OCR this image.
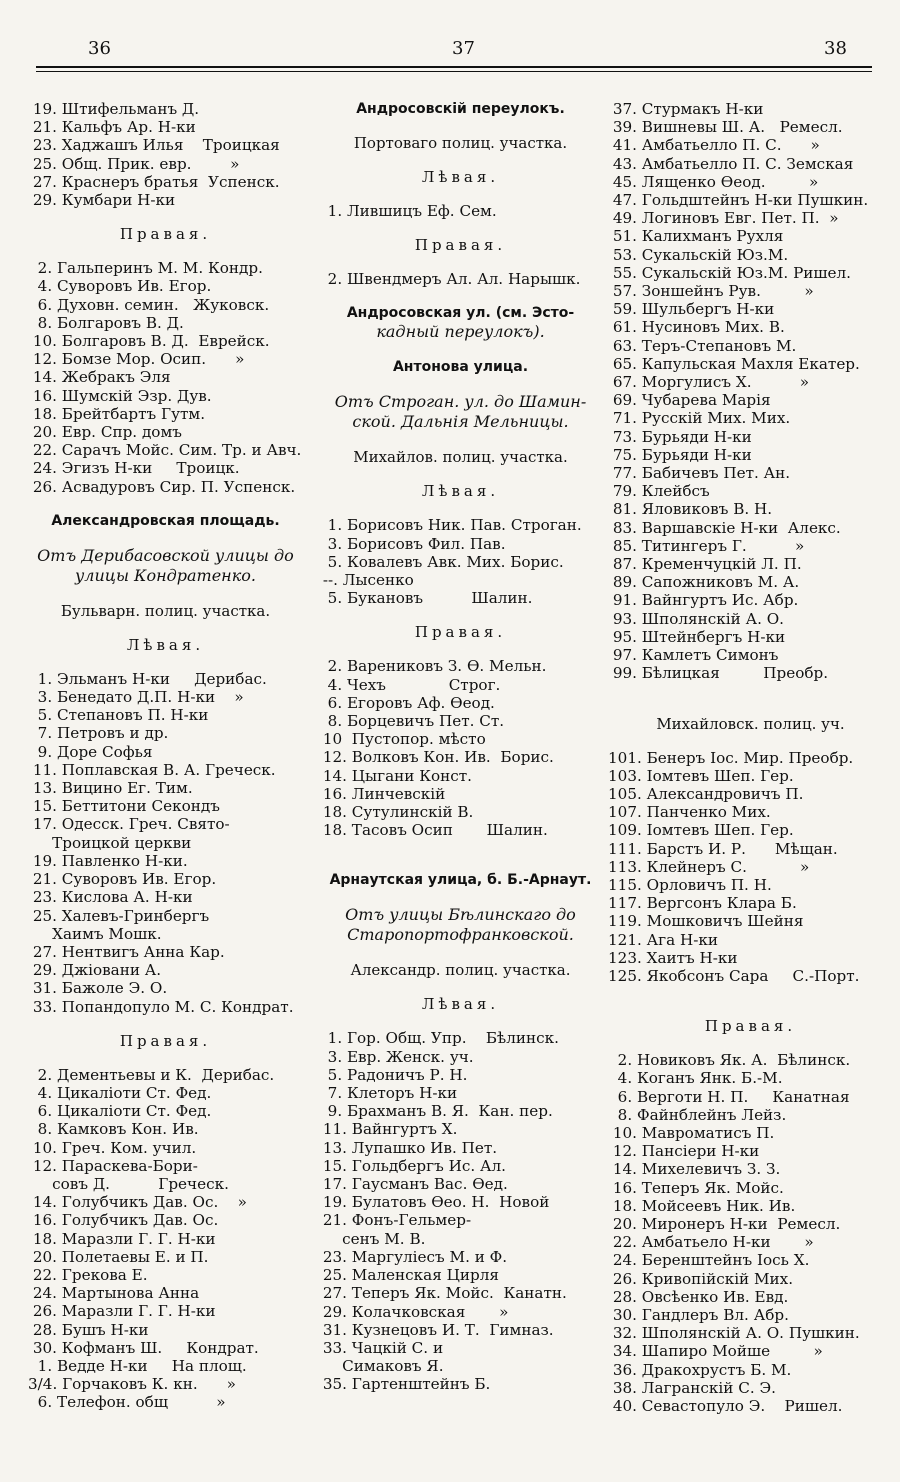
36	37	38
19. Штифельманъ Д.
21. Кальфъ Ар. Н-ки
23. Хаджашъ Илья    Троицкая
25. Общ. Прик. евр.        »
27. Краснеръ братья  Успенск.
29. Кумбари Н-ки
Правая.
2. Гальперинъ М. М. Кондр.
4. Суворовъ Ив. Егор.
6. Духовн. семин.   Жуковск.
8. Болгаровъ В. Д.
10. Болгаровъ В. Д.  Еврейск.
12. Бомзе Мор. Осип.      »
14. Жебракъ Эля
16. Шумскій Эзр. Дув.
18. Брейтбартъ Гутм.
20. Евр. Спр. домъ
22. Сарачъ Мойс. Сим. Тр. и Авч.
24. Эгизъ Н-ки     Троицк.
26. Асвадуровъ Сир. П. Успенск.
Александровская площадь.
Отъ Дерибасовской улицы до
улицы Кондратенко.
Бульварн. полиц. участка.
Лѣвая.
1. Эльманъ Н-ки     Дерибас.
3. Бенедато Д.П. Н-ки    »
5. Степановъ П. Н-ки
7. Петровъ и др.
9. Доре Софья
11. Поплавская В. А. Греческ.
13. Вицино Ег. Тим.
15. Беттитони Секондъ
17. Одесск. Греч. Свято-
Троицкой церкви
19. Павленко Н-ки.
21. Суворовъ Ив. Егор.
23. Кислова А. Н-ки
25. Халевъ-Гринбергъ
Хаимъ Мошк.
27. Нентвигъ Анна Кар.
29. Джіовани А.
31. Бажоле Э. О.
33. Попандопуло М. С. Кондрат.
Правая.
2. Дементьевы и К.  Дерибас.
4. Цикалioти Ст. Фед.
6. Цикалioти Ст. Фед.
8. Камковъ Кон. Ив.
10. Греч. Ком. учил.
12. Параскева-Бори-
совъ Д.          Греческ.
14. Голубчикъ Дав. Ос.    »
16. Голубчикъ Дав. Ос.
18. Маразли Г. Г. Н-ки
20. Полетаевы Е. и П.
22. Грекова Е.
24. Мартынова Анна
26. Маразли Г. Г. Н-ки
28. Бушъ Н-ки
30. Кофманъ Ш.     Кондрат.
1. Ведде Н-ки     На площ.
3/4. Горчаковъ К. кн.      »
6. Телефон. общ          »
Андросовскій переулокъ.
Портоваго полиц. участка.
Лѣвая.
1. Лившицъ Еф. Сем.
Правая.
2. Швендмеръ Ал. Ал. Нарышк.
Андросовская ул. (см. Эсто-
кадный переулокъ).
Антонова улица.
Отъ Строган. ул. до Шамин-
ской. Дальнія Мельницы.
Михайлов. полиц. участка.
Лѣвая.
1. Борисовъ Ник. Пав. Строган.
3. Борисовъ Фил. Пав.
5. Ковалевъ Авк. Мих. Борис.
--. Лысенко
5. Букановъ          Шалин.
Правая.
2. Варениковъ З. Ѳ. Мельн.
4. Чехъ             Строг.
6. Егоровъ Аф. Ѳеод.
8. Борцевичъ Пет. Ст.
10  Пустопор. мѣсто
12. Волковъ Кон. Ив.  Борис.
14. Цыгани Конст.
16. Линчевскій
18. Сутулинскій В.
18. Тасовъ Осип       Шалин.
Арнаутская улица, б. Б.-Арнаут.
Отъ улицы Бѣлинскаго до
Старопортофранковской.
Александр. полиц. участка.
Лѣвая.
1. Гор. Общ. Упр.    Бѣлинск.
3. Евр. Женск. уч.
5. Радоничъ Р. Н.
7. Клеторъ Н-ки
9. Брахманъ В. Я.  Кан. пер.
11. Вайнгуртъ Х.
13. Лупашко Ив. Пет.
15. Гольдбергъ Ис. Ал.
17. Гаусманъ Вас. Ѳед.
19. Булатовъ Ѳео. Н.  Новой
21. Фонъ-Гельмер-
сенъ М. В.
23. Маргуліесъ М. и Ф.
25. Маленская Цирля
27. Теперъ Як. Мойс.  Канатн.
29. Колачковская       »
31. Кузнецовъ И. Т.  Гимназ.
33. Чацкій С. и
Симаковъ Я.
35. Гартенштейнъ Б.
37. Стурмакъ Н-ки
39. Вишневы Ш. А.   Ремесл.
41. Амбатьелло П. С.      »
43. Амбатьелло П. С. Земская
45. Лященко Ѳеод.         »
47. Гольдштейнъ Н-ки Пушкин.
49. Логиновъ Евг. Пет. П.  »
51. Калихманъ Рухля
53. Сукальскій Юз.М.
55. Сукальскій Юз.М. Ришел.
57. Зоншейнъ Рув.         »
59. Шульбергъ Н-ки
61. Нусиновъ Мих. В.
63. Теръ-Степановъ М.
65. Капульская Махля Екатер.
67. Моргулисъ Х.          »
69. Чубарева Марія
71. Русскій Мих. Мих.
73. Бурьяди Н-ки
75. Бурьяди Н-ки
77. Бабичевъ Пет. Ан.
79. Клейбсъ
81. Яловиковъ В. Н.
83. Варшавскіе Н-ки  Алекс.
85. Титингеръ Г.          »
87. Кременчуцкій Л. П.
89. Сапожниковъ М. А.
91. Вайнгуртъ Ис. Абр.
93. Шполянскій А. О.
95. Штейнбергъ Н-ки
97. Камлетъ Симонъ
99. Бѣлицкая         Преобр.
Михайловск. полиц. уч.
101. Бенеръ Іос. Мир. Преобр.
103. Іомтевъ Шеп. Гер.
105. Александровичъ П.
107. Панченко Мих.
109. Іомтевъ Шеп. Гер.
111. Барстъ И. Р.      Мѣщан.
113. Клейнеръ С.           »
115. Орловичъ П. Н.
117. Вергсонъ Клара Б.
119. Мошковичъ Шейня
121. Ага Н-ки
123. Хаитъ Н-ки
125. Якобсонъ Сара     С.-Порт.
Правая.
2. Новиковъ Як. А.  Бѣлинск.
4. Коганъ Янк. Б.-М.
6. Верготи Н. П.     Канатная
8. Файнблейнъ Лейз.
10. Мавроматисъ П.
12. Пансіери Н-ки
14. Михелевичъ З. З.
16. Теперъ Як. Мойс.
18. Мойсеевъ Ник. Ив.
20. Миронеръ Н-ки  Ремесл.
22. Амбатьело Н-ки       »
24. Беренштейнъ Іось Х.
26. Кривопійскій Мих.
28. Овсѣенко Ив. Евд.
30. Гандлеръ Вл. Абр.
32. Шполянскій А. О. Пушкин.
34. Шапиро Мойше         »
36. Дракохрустъ Б. М.
38. Лагранскій С. Э.
40. Севастопуло Э.    Ришел.
